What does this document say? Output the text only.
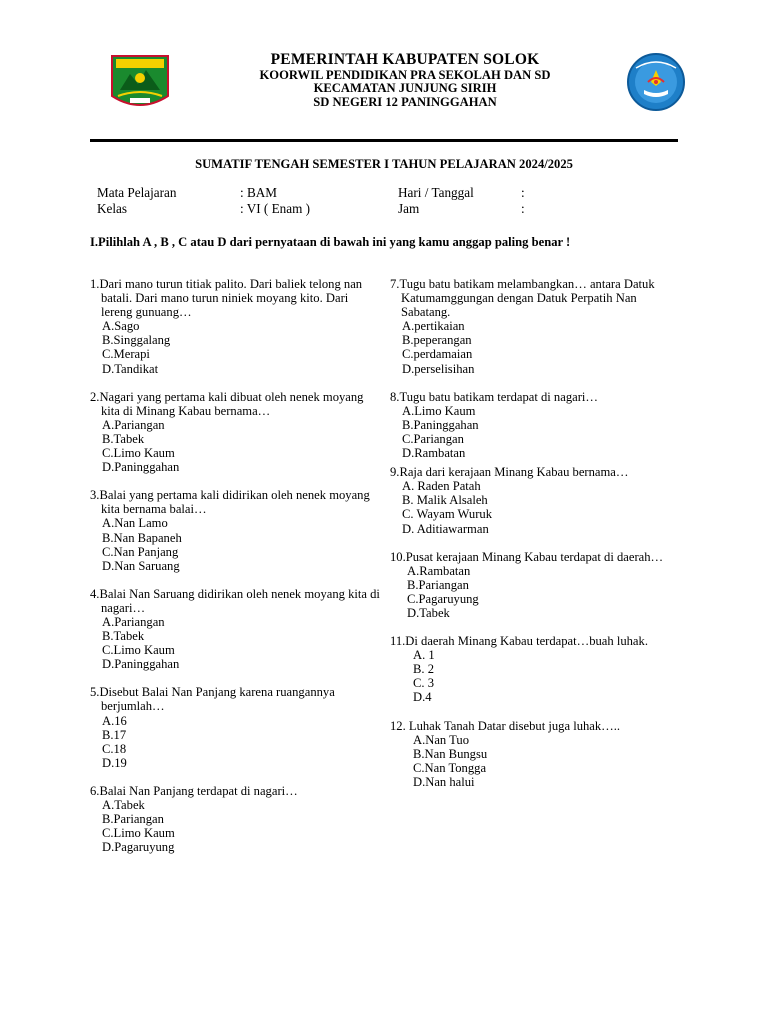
PEMERINTAH KABUPATEN SOLOK
KOORWIL PENDIDIKAN PRA SEKOLAH DAN SD
KECAMATAN JUNJUNG SIRIH
SD NEGERI 12 PANINGGAHAN
SUMATIF TENGAH SEMESTER I TAHUN PELAJARAN 2024/2025
Mata Pelajaran	: BAM	Hari / Tanggal	:
Kelas	: VI ( Enam )	Jam	:
I.Pilihlah A , B , C atau D dari pernyataan di bawah ini yang kamu anggap paling benar !
1.Dari mano turun titiak palito. Dari baliek telong nan batali. Dari mano turun niniek moyang kito. Dari lereng gunuang…
A.Sago
B.Singgalang
C.Merapi
D.Tandikat
2.Nagari yang pertama kali dibuat oleh nenek moyang kita di Minang Kabau bernama…
A.Pariangan
B.Tabek
C.Limo Kaum
D.Paninggahan
3.Balai yang pertama kali didirikan oleh nenek moyang kita bernama balai…
A.Nan Lamo
B.Nan Bapaneh
C.Nan Panjang
D.Nan Saruang
4.Balai Nan Saruang didirikan oleh nenek moyang kita di nagari…
A.Pariangan
B.Tabek
C.Limo Kaum
D.Paninggahan
5.Disebut Balai Nan Panjang karena ruangannya berjumlah…
A.16
B.17
C.18
D.19
6.Balai Nan Panjang terdapat di nagari…
A.Tabek
B.Pariangan
C.Limo Kaum
D.Pagaruyung
7.Tugu batu batikam melambangkan… antara Datuk Katumamggungan dengan Datuk Perpatih Nan Sabatang.
A.pertikaian
B.peperangan
C.perdamaian
D.perselisihan
8.Tugu batu batikam terdapat di nagari…
A.Limo Kaum
B.Paninggahan
C.Pariangan
D.Rambatan
9.Raja dari kerajaan Minang Kabau bernama…
A. Raden Patah
B. Malik Alsaleh
C. Wayam Wuruk
D. Aditiawarman
10.Pusat kerajaan Minang Kabau terdapat di daerah…
A.Rambatan
B.Pariangan
C.Pagaruyung
D.Tabek
11.Di daerah Minang Kabau terdapat…buah luhak.
A. 1
B. 2
C. 3
D.4
12. Luhak Tanah Datar disebut juga luhak…..
A.Nan Tuo
B.Nan Bungsu
C.Nan Tongga
D.Nan halui
